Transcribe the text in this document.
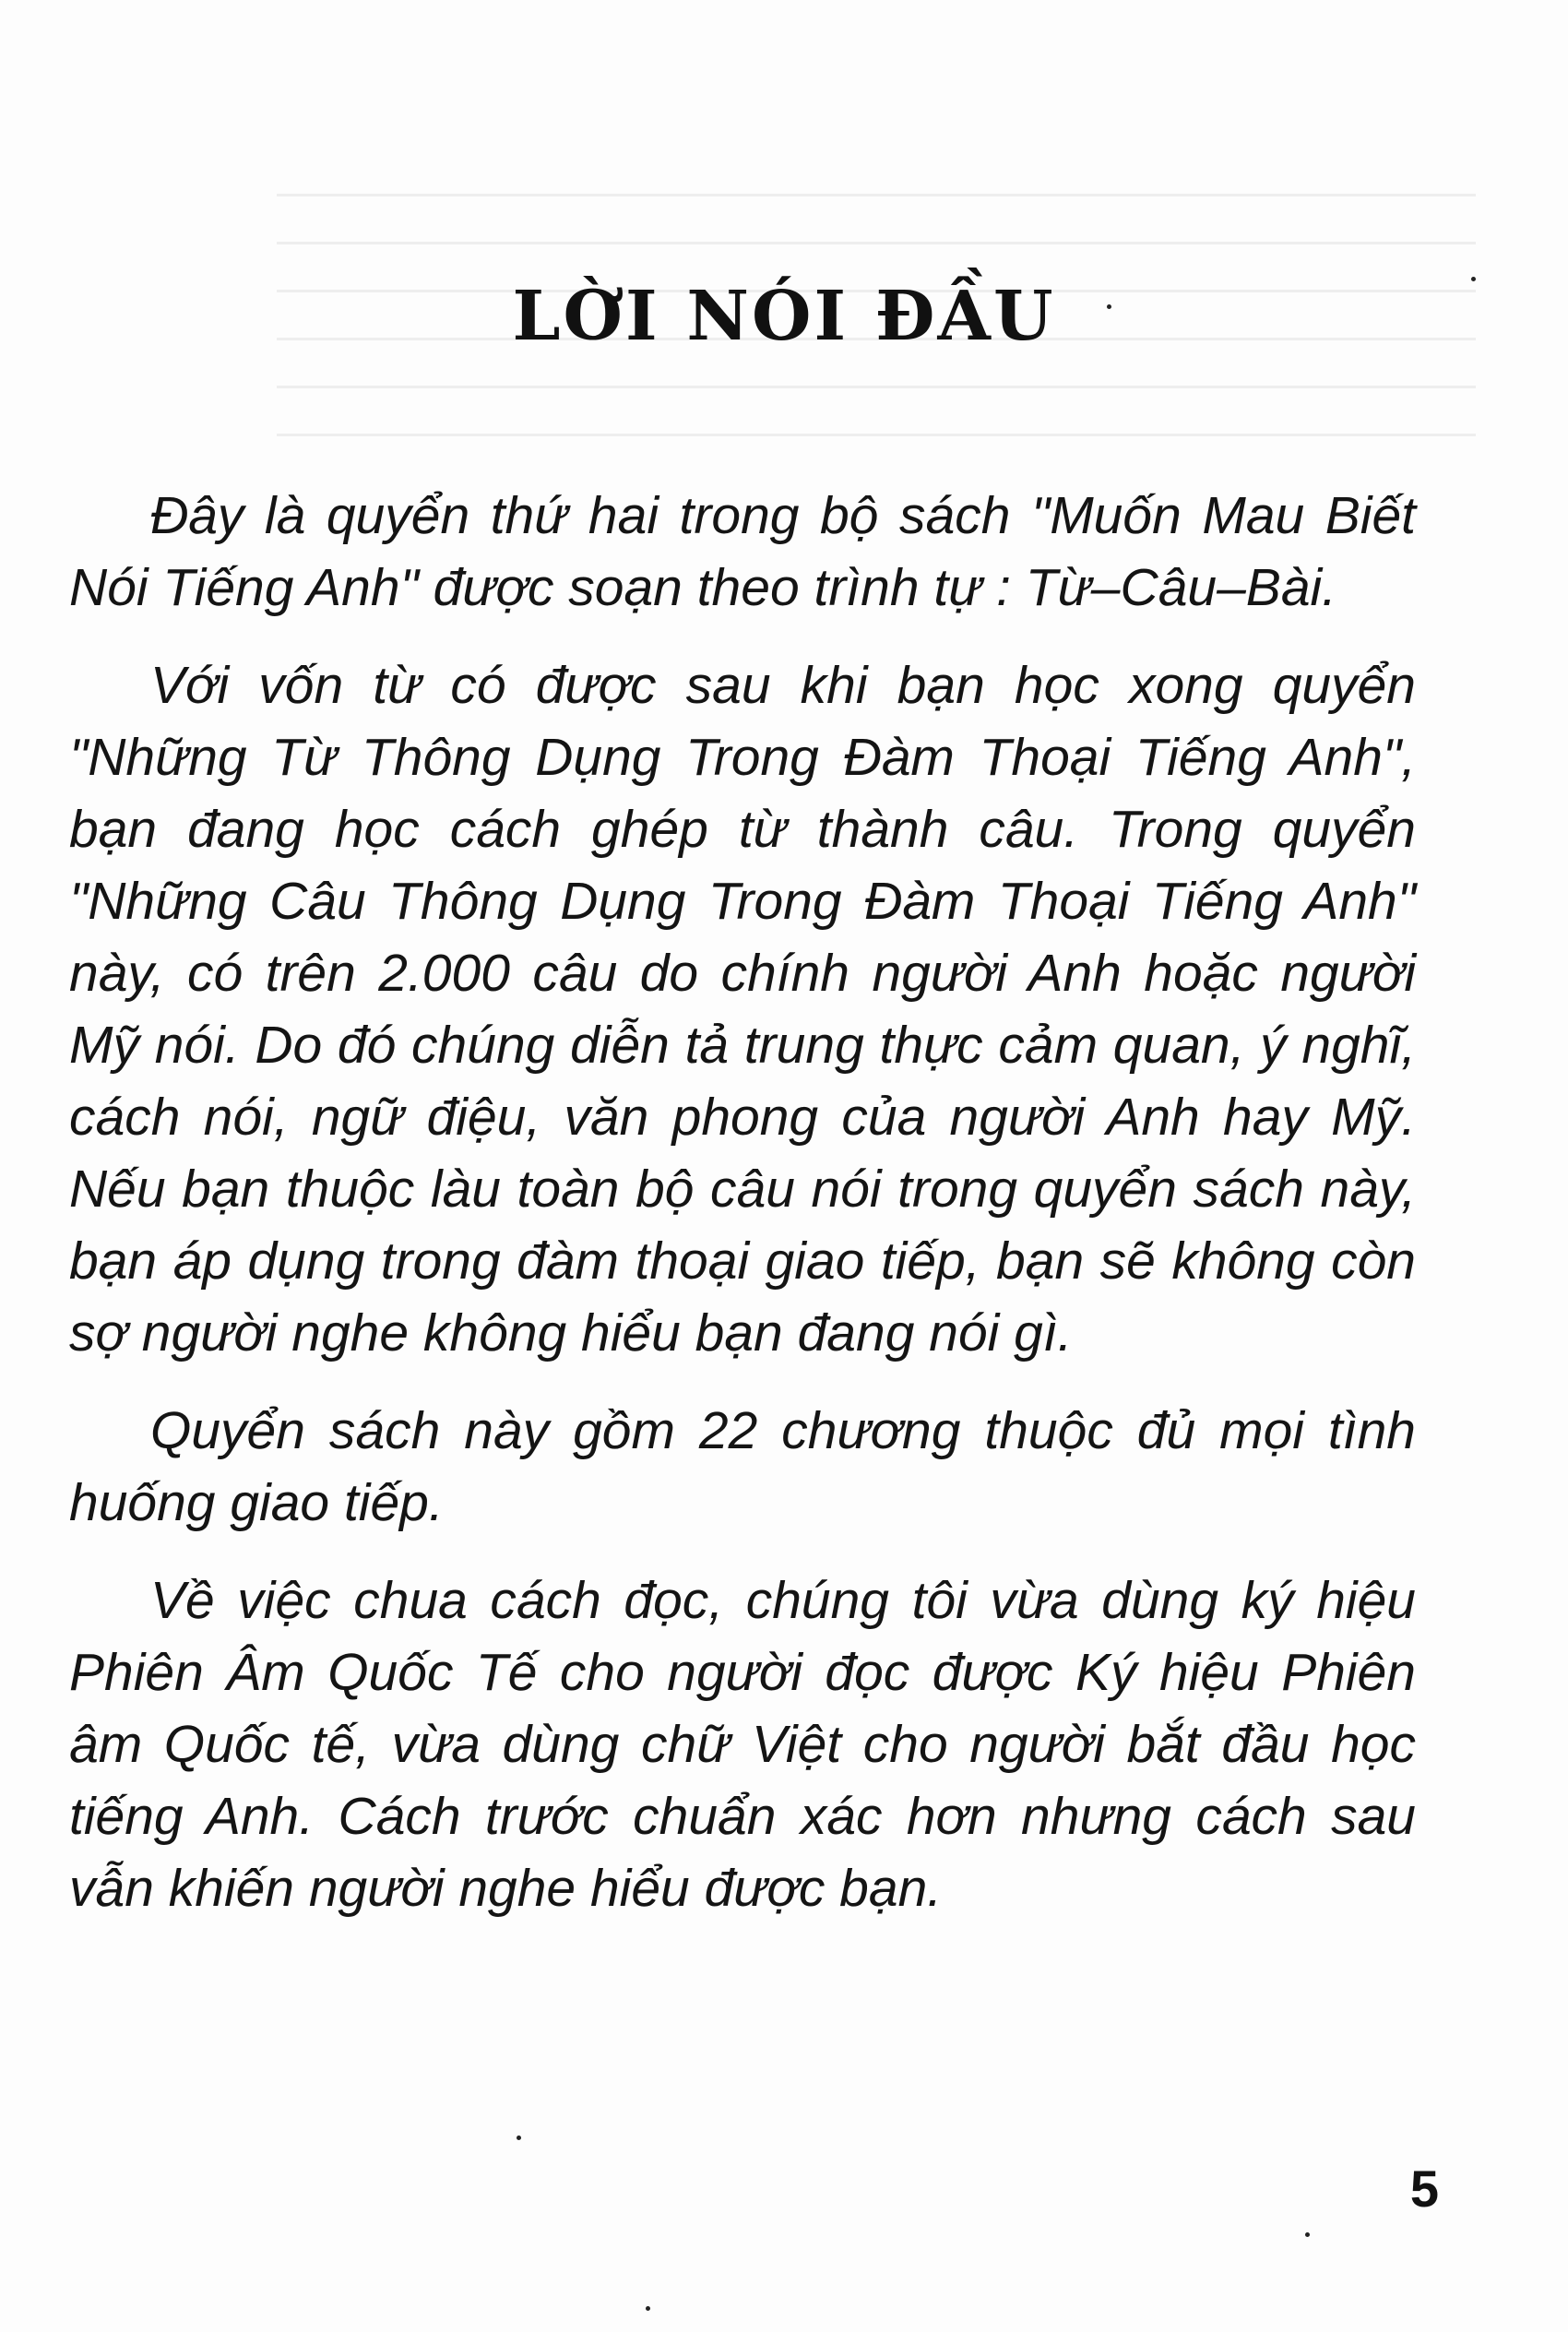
LỜI NÓI ĐẦU

Đây là quyển thứ hai trong bộ sách "Muốn Mau Biết Nói Tiếng Anh" được soạn theo trình tự : Từ–Câu–Bài.

Với vốn từ có được sau khi bạn học xong quyển "Những Từ Thông Dụng Trong Đàm Thoại Tiếng Anh", bạn đang học cách ghép từ thành câu. Trong quyển "Những Câu Thông Dụng Trong Đàm Thoại Tiếng Anh" này, có trên 2.000 câu do chính người Anh hoặc người Mỹ nói. Do đó chúng diễn tả trung thực cảm quan, ý nghĩ, cách nói, ngữ điệu, văn phong của người Anh hay Mỹ. Nếu bạn thuộc làu toàn bộ câu nói trong quyển sách này, bạn áp dụng trong đàm thoại giao tiếp, bạn sẽ không còn sợ người nghe không hiểu bạn đang nói gì.

Quyển sách này gồm 22 chương thuộc đủ mọi tình huống giao tiếp.

Về việc chua cách đọc, chúng tôi vừa dùng ký hiệu Phiên Âm Quốc Tế cho người đọc được Ký hiệu Phiên âm Quốc tế, vừa dùng chữ Việt cho người bắt đầu học tiếng Anh. Cách trước chuẩn xác hơn nhưng cách sau vẫn khiến người nghe hiểu được bạn.

5
